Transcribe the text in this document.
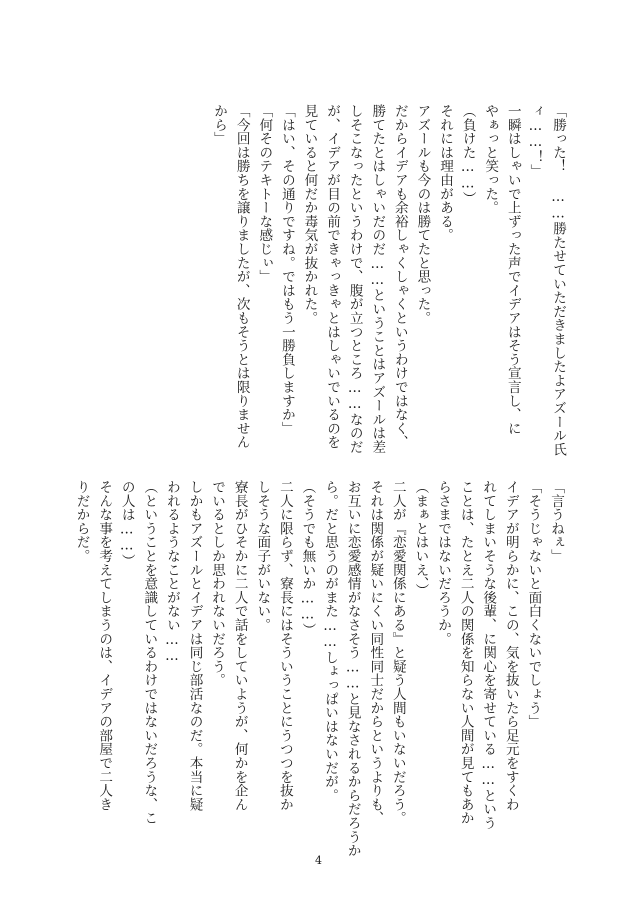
「勝った！ ……勝たせていただきましたよアズール氏
ィ……！」
一瞬はしゃいで上ずった声でイデアはそう宣言し、に
やぁっと笑った。
（負けた……）
それには理由がある。
アズールも今のは勝てたと思った。
だからイデアも余裕しゃくしゃくというわけではなく、
勝てたとはしゃいだのだ……ということはアズールは差
しそこなったというわけで、腹が立つところ……なのだ
が、イデアが目の前できゃっきゃとはしゃいでいるのを
見ていると何だか毒気が抜かれた。
「はい、その通りですね。ではもう一勝負しますか」
「何そのテキトーな感じぃ」
「今回は勝ちを譲りましたが、次もそうとは限りません
から」
「言うねぇ」
「そうじゃないと面白くないでしょう」
イデアが明らかに、この、気を抜いたら足元をすくわ
れてしまいそうな後輩、に関心を寄せている……という
ことは、たとえ二人の関係を知らない人間が見てもあか
らさまではないだろうか。
（まぁとはいえ、）
二人が『恋愛関係にある』と疑う人間もいないだろう。
それは関係が疑いにくい同性同士だからというよりも、
お互いに恋愛感情がなさそう……と見なされるからだろうか
ら。だと思うのがまた……しょっぱいはないだが。
（そうでも無いか……）
二人に限らず、寮長にはそういうことにうつつを抜か
しそうな面子がいない。
寮長がひそかに二人で話をしていようが、何かを企ん
でいるとしか思われないだろう。
しかもアズールとイデアは同じ部活なのだ。本当に疑
われるようなことがない……
（ということを意識しているわけではないだろうな、こ
の人は……）
そんな事を考えてしまうのは、イデアの部屋で二人き
りだからだ。
4
